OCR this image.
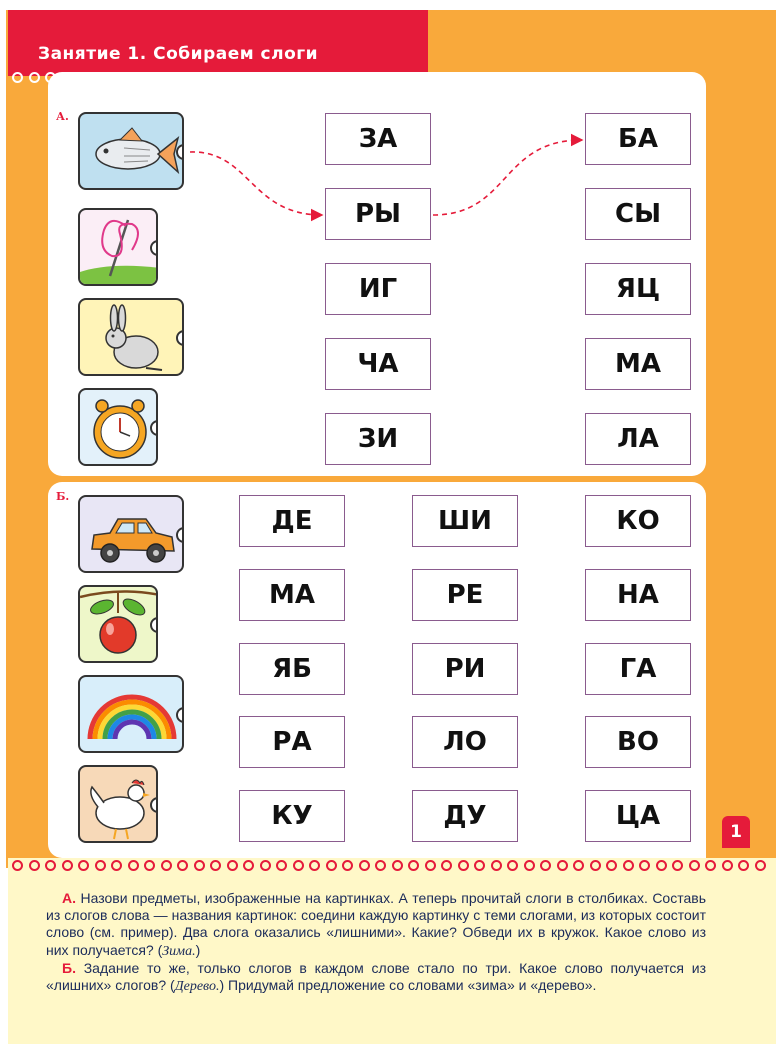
Занятие 1. Собираем слоги
А.
ЗА
РЫ
ИГ
ЧА
ЗИ
БА
СЫ
ЯЦ
МА
ЛА
Б.
ДЕ
МА
ЯБ
РА
КУ
ШИ
РЕ
РИ
ЛО
ДУ
КО
НА
ГА
ВО
ЦА
1

А. Назови предметы, изображенные на картинках. А теперь прочитай слоги в столбиках. Составь из слогов слова — названия картинок: соедини каждую картинку с теми слогами, из которых состоит слово (см. пример). Два слога оказались «лишними». Какие? Обведи их в кружок. Какое слово из них получается? (Зима.)

Б. Задание то же, только слогов в каждом слове стало по три. Какое слово получается из «лишних» слогов? (Дерево.) Придумай предложение со словами «зима» и «дерево».
